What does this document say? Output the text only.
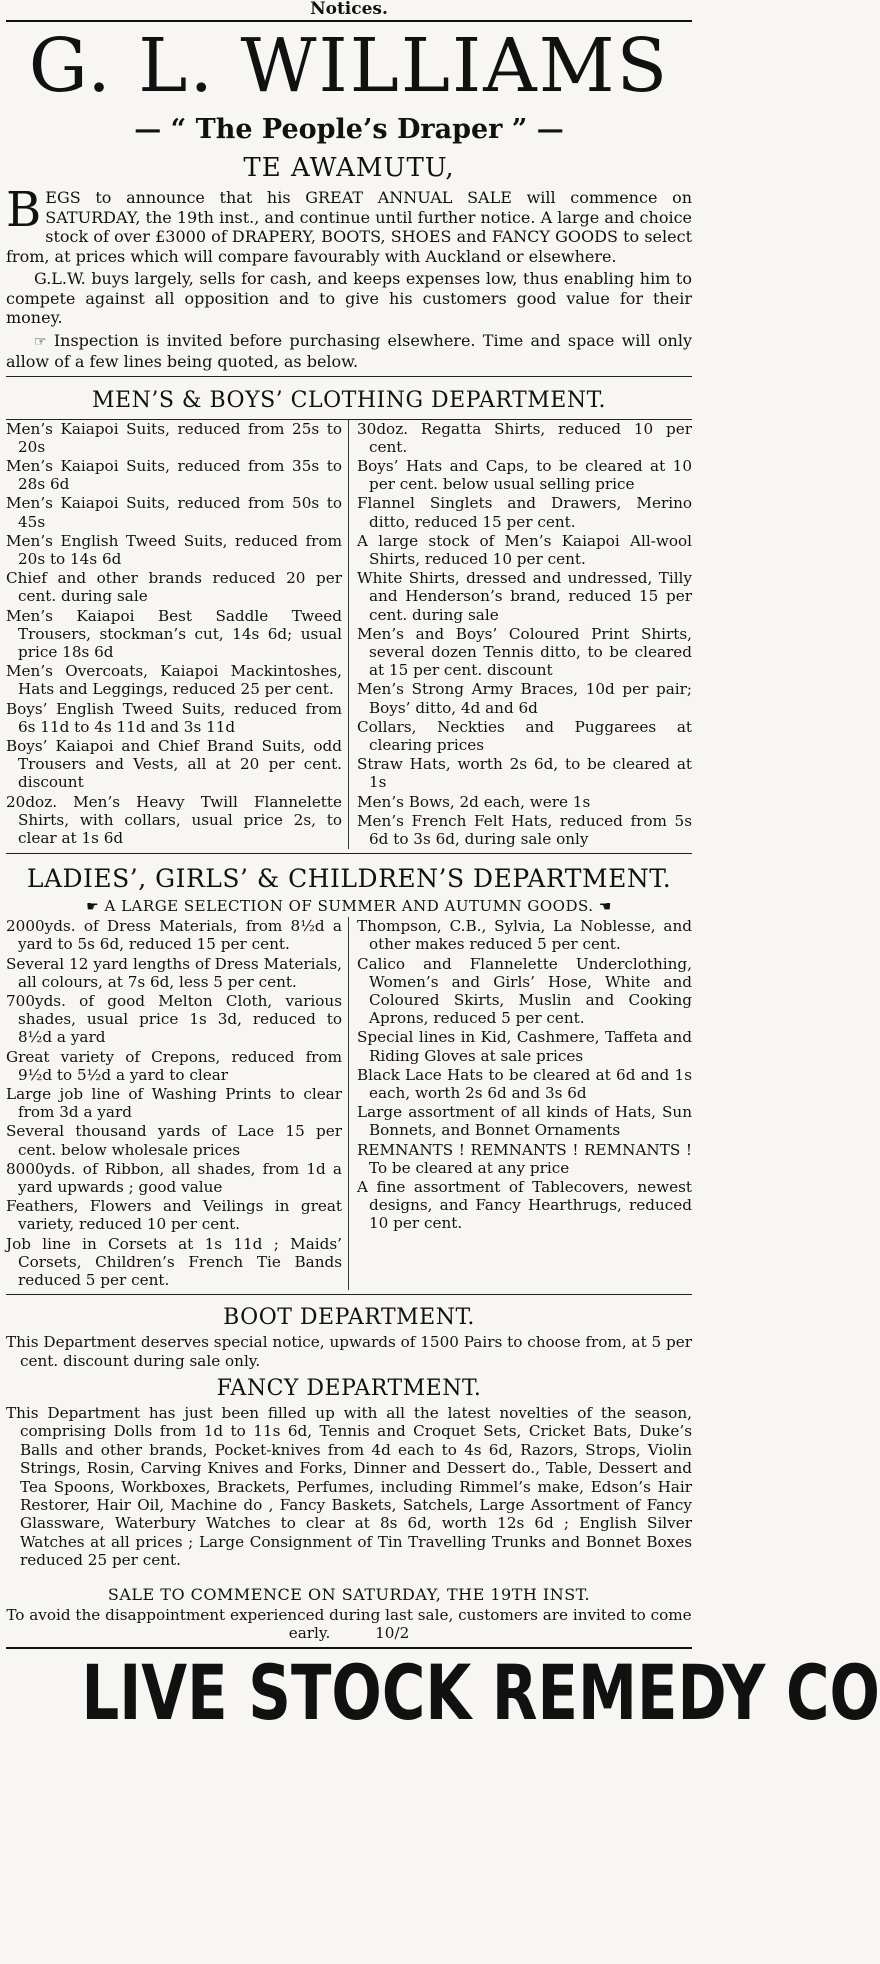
Notices.
G. L. WILLIAMS
— “ The People’s Draper ” —
TE AWAMUTU,

BEGS to announce that his GREAT ANNUAL SALE will commence on SATURDAY, the 19th inst., and continue until further notice. A large and choice stock of over £3000 of DRAPERY, BOOTS, SHOES and FANCY GOODS to select from, at prices which will compare favourably with Auckland or elsewhere.

G.L.W. buys largely, sells for cash, and keeps expenses low, thus enabling him to compete against all opposition and to give his customers good value for their money.

☞ Inspection is invited before purchasing elsewhere. Time and space will only allow of a few lines being quoted, as below.

MEN’S & BOYS’ CLOTHING DEPARTMENT.
Men’s Kaiapoi Suits, reduced from 25s to 20s
Men’s Kaiapoi Suits, reduced from 35s to 28s 6d
Men’s Kaiapoi Suits, reduced from 50s to 45s
Men’s English Tweed Suits, reduced from 20s to 14s 6d
Chief and other brands reduced 20 per cent. during sale
Men’s Kaiapoi Best Saddle Tweed Trousers, stockman’s cut, 14s 6d; usual price 18s 6d
Men’s Overcoats, Kaiapoi Mackintoshes, Hats and Leggings, reduced 25 per cent.
Boys’ English Tweed Suits, reduced from 6s 11d to 4s 11d and 3s 11d
Boys’ Kaiapoi and Chief Brand Suits, odd Trousers and Vests, all at 20 per cent. discount
20doz. Men’s Heavy Twill Flannelette Shirts, with collars, usual price 2s, to clear at 1s 6d
30doz. Regatta Shirts, reduced 10 per cent.
Boys’ Hats and Caps, to be cleared at 10 per cent. below usual selling price
Flannel Singlets and Drawers, Merino ditto, reduced 15 per cent.
A large stock of Men’s Kaiapoi All-wool Shirts, reduced 10 per cent.
White Shirts, dressed and undressed, Tilly and Henderson’s brand, reduced 15 per cent. during sale
Men’s and Boys’ Coloured Print Shirts, several dozen Tennis ditto, to be cleared at 15 per cent. discount
Men’s Strong Army Braces, 10d per pair; Boys’ ditto, 4d and 6d
Collars, Neckties and Puggarees at clearing prices
Straw Hats, worth 2s 6d, to be cleared at 1s
Men’s Bows, 2d each, were 1s
Men’s French Felt Hats, reduced from 5s 6d to 3s 6d, during sale only
LADIES’, GIRLS’ & CHILDREN’S DEPARTMENT.
☛ A LARGE SELECTION OF SUMMER AND AUTUMN GOODS. ☚
2000yds. of Dress Materials, from 8½d a yard to 5s 6d, reduced 15 per cent.
Several 12 yard lengths of Dress Materials, all colours, at 7s 6d, less 5 per cent.
700yds. of good Melton Cloth, various shades, usual price 1s 3d, reduced to 8½d a yard
Great variety of Crepons, reduced from 9½d to 5½d a yard to clear
Large job line of Washing Prints to clear from 3d a yard
Several thousand yards of Lace 15 per cent. below wholesale prices
8000yds. of Ribbon, all shades, from 1d a yard upwards ; good value
Feathers, Flowers and Veilings in great variety, reduced 10 per cent.
Job line in Corsets at 1s 11d ; Maids’ Corsets, Children’s French Tie Bands reduced 5 per cent.
Thompson, C.B., Sylvia, La Noblesse, and other makes reduced 5 per cent.
Calico and Flannelette Underclothing, Women’s and Girls’ Hose, White and Coloured Skirts, Muslin and Cooking Aprons, reduced 5 per cent.
Special lines in Kid, Cashmere, Taffeta and Riding Gloves at sale prices
Black Lace Hats to be cleared at 6d and 1s each, worth 2s 6d and 3s 6d
Large assortment of all kinds of Hats, Sun Bonnets, and Bonnet Ornaments
REMNANTS ! REMNANTS ! REMNANTS ! To be cleared at any price
A fine assortment of Tablecovers, newest designs, and Fancy Hearthrugs, reduced 10 per cent.
BOOT DEPARTMENT.

This Department deserves special notice, upwards of 1500 Pairs to choose from, at 5 per cent. discount during sale only.

FANCY DEPARTMENT.

This Department has just been filled up with all the latest novelties of the season, comprising Dolls from 1d to 11s 6d, Tennis and Croquet Sets, Cricket Bats, Duke’s Balls and other brands, Pocket-knives from 4d each to 4s 6d, Razors, Strops, Violin Strings, Rosin, Carving Knives and Forks, Dinner and Dessert do., Table, Dessert and Tea Spoons, Workboxes, Brackets, Perfumes, including Rimmel’s make, Edson’s Hair Restorer, Hair Oil, Machine do , Fancy Baskets, Satchels, Large Assortment of Fancy Glassware, Waterbury Watches to clear at 8s 6d, worth 12s 6d ; English Silver Watches at all prices ; Large Consignment of Tin Travelling Trunks and Bonnet Boxes reduced 25 per cent.

SALE TO COMMENCE ON SATURDAY, THE 19TH INST.

To avoid the disappointment experienced during last sale, customers are invited to come early.	10/2

LIVE STOCK REMEDY CO
